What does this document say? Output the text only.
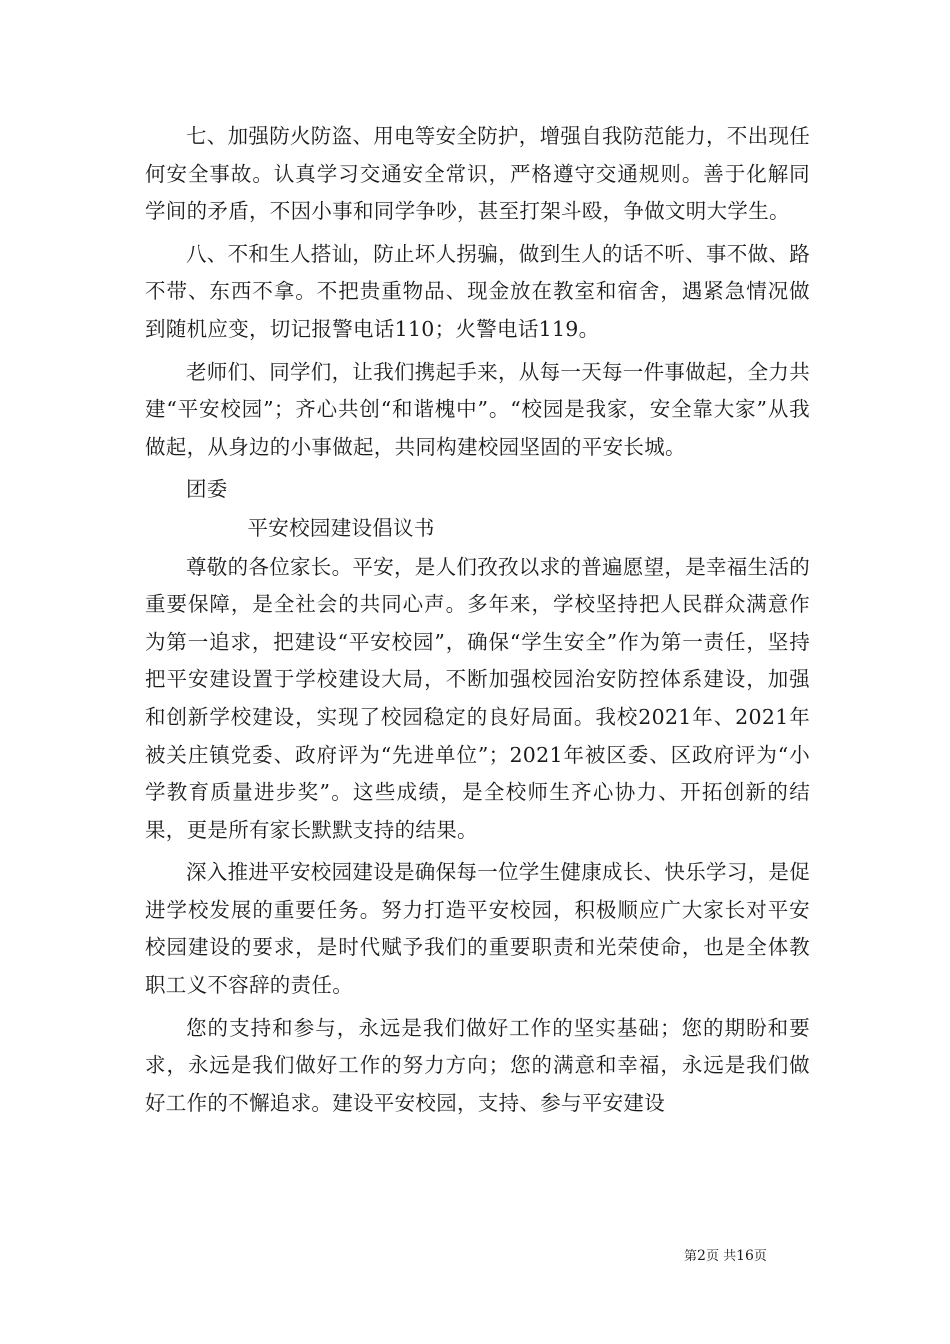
七、加强防火防盗、用电等安全防护，增强自我防范能力，不出现任何安全事故。认真学习交通安全常识，严格遵守交通规则。善于化解同学间的矛盾，不因小事和同学争吵，甚至打架斗殴，争做文明大学生。

八、不和生人搭讪，防止坏人拐骗，做到生人的话不听、事不做、路不带、东西不拿。不把贵重物品、现金放在教室和宿舍，遇紧急情况做到随机应变，切记报警电话110；火警电话119。

老师们、同学们，让我们携起手来，从每一天每一件事做起，全力共建“平安校园”；齐心共创“和谐槐中”。“校园是我家，安全靠大家”从我做起，从身边的小事做起，共同构建校园坚固的平安长城。

团委

平安校园建设倡议书

尊敬的各位家长。平安，是人们孜孜以求的普遍愿望，是幸福生活的重要保障，是全社会的共同心声。多年来，学校坚持把人民群众满意作为第一追求，把建设“平安校园”，确保“学生安全”作为第一责任，坚持把平安建设置于学校建设大局，不断加强校园治安防控体系建设，加强和创新学校建设，实现了校园稳定的良好局面。我校2021年、2021年被关庄镇党委、政府评为“先进单位”；2021年被区委、区政府评为“小学教育质量进步奖”。这些成绩，是全校师生齐心协力、开拓创新的结果，更是所有家长默默支持的结果。

深入推进平安校园建设是确保每一位学生健康成长、快乐学习，是促进学校发展的重要任务。努力打造平安校园，积极顺应广大家长对平安校园建设的要求，是时代赋予我们的重要职责和光荣使命，也是全体教职工义不容辞的责任。

您的支持和参与，永远是我们做好工作的坚实基础；您的期盼和要求，永远是我们做好工作的努力方向；您的满意和幸福，永远是我们做好工作的不懈追求。建设平安校园，支持、参与平安建设

第2页 共16页
